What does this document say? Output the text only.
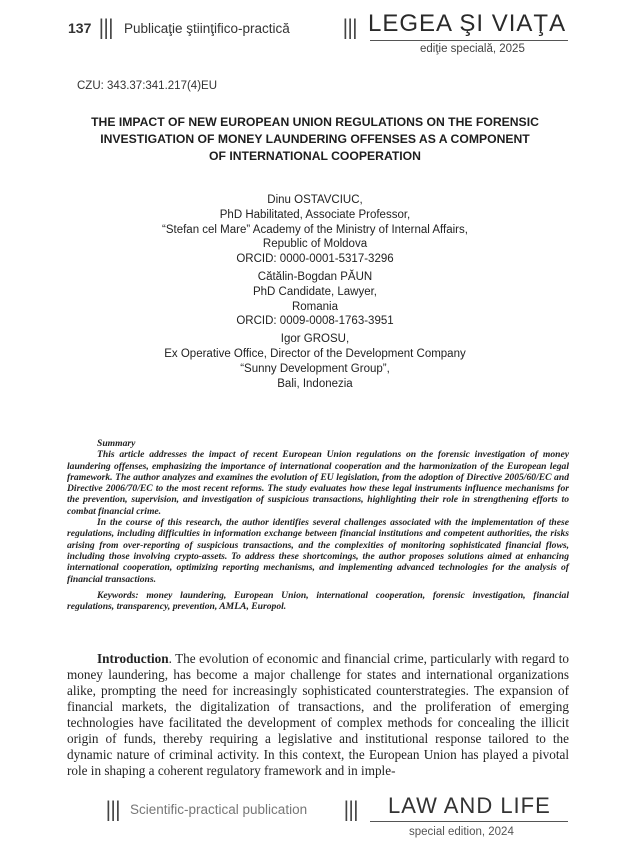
137 ||| Publicaţie ştiinţifico-practică	||| LEGEA ŞI VIAŢA
ediţie specială, 2025
CZU: 343.37:341.217(4)EU
THE IMPACT OF NEW EUROPEAN UNION REGULATIONS ON THE FORENSIC
INVESTIGATION OF MONEY LAUNDERING OFFENSES AS A COMPONENT
OF INTERNATIONAL COOPERATION
Dinu OSTAVCIUC,
PhD Habilitated, Associate Professor,
“Stefan cel Mare” Academy of the Ministry of Internal Affairs,
Republic of Moldova
ORCID: 0000-0001-5317-3296
Cătălin-Bogdan PĂUN
PhD Candidate, Lawyer,
Romania
ORCID: 0009-0008-1763-3951
Igor GROSU,
Ex Operative Office, Director of the Development Company
“Sunny Development Group”,
Bali, Indonezia
Summary

This article addresses the impact of recent European Union regulations on the forensic investigation of money laundering offenses, emphasizing the importance of international cooperation and the harmonization of the European legal framework. The author analyzes and examines the evolution of EU legislation, from the adoption of Directive 2005/60/EC and Directive 2006/70/EC to the most recent reforms. The study evaluates how these legal instruments influence mechanisms for the prevention, supervision, and investigation of suspicious transactions, highlighting their role in strengthening efforts to combat financial crime.

In the course of this research, the author identifies several challenges associated with the implementation of these regulations, including difficulties in information exchange between financial institutions and competent authorities, the risks arising from over-reporting of suspicious transactions, and the complexities of monitoring sophisticated financial flows, including those involving crypto-assets. To address these shortcomings, the author proposes solutions aimed at enhancing international cooperation, optimizing reporting mechanisms, and implementing advanced technologies for the analysis of financial transactions.

Keywords: money laundering, European Union, international cooperation, forensic investigation, financial regulations, transparency, prevention, AMLA, Europol.

Introduction. The evolution of economic and financial crime, particularly with regard to money laundering, has become a major challenge for states and international organizations alike, prompting the need for increasingly sophisticated counterstrategies. The expansion of financial markets, the digitalization of transactions, and the proliferation of emerging technologies have facilitated the development of complex methods for concealing the illicit origin of funds, thereby requiring a legislative and institutional response tailored to the dynamic nature of criminal activity. In this context, the European Union has played a pivotal role in shaping a coherent regulatory framework and in imple-

||| Scientific-practical publication ||| LAW AND LIFE
special edition, 2024
